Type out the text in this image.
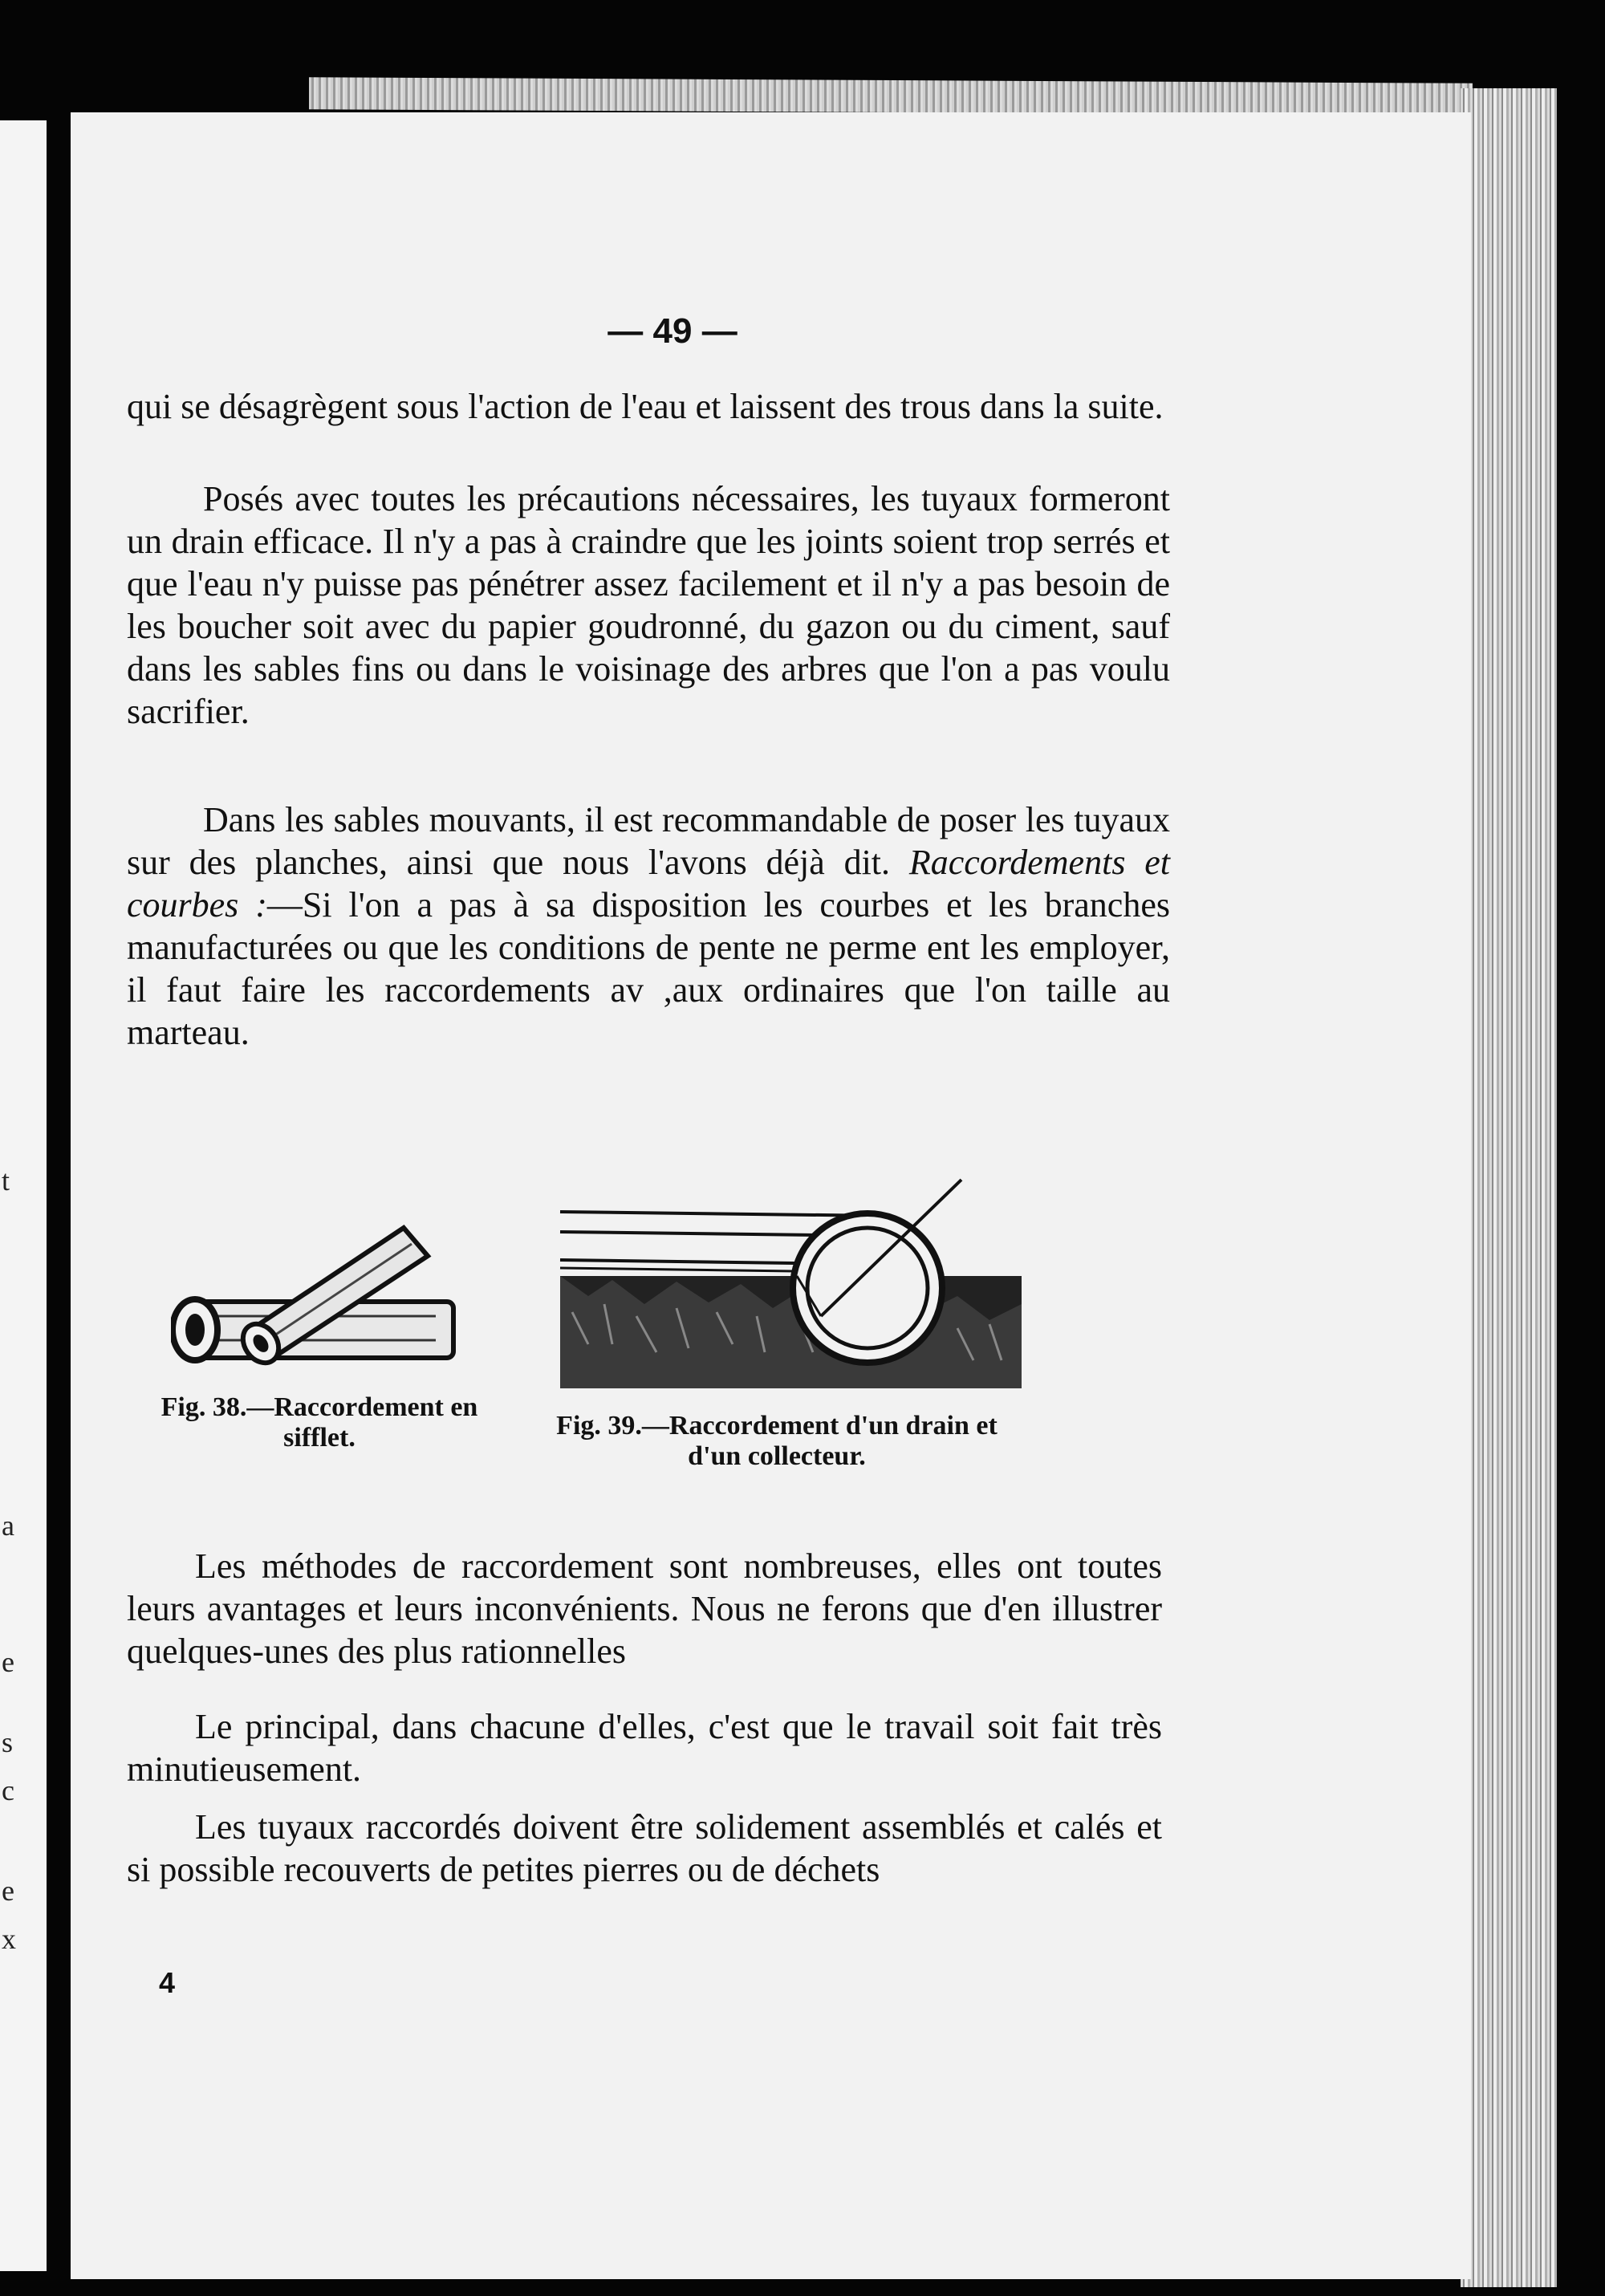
e
s
c
e
x
t
a
— 49 —

qui se désagrègent sous l'action de l'eau et laissent des trous dans la suite.

Posés avec toutes les précautions nécessaires, les tuyaux formeront un drain efficace. Il n'y a pas à craindre que les joints soient trop serrés et que l'eau n'y puisse pas pénétrer assez facilement et il n'y a pas besoin de les boucher soit avec du papier goudronné, du gazon ou du ciment, sauf dans les sables fins ou dans le voisinage des arbres que l'on a pas voulu sacrifier.

Dans les sables mouvants, il est recommandable de poser les tuyaux sur des planches, ainsi que nous l'avons déjà dit. Raccordements et courbes :—Si l'on a pas à sa disposition les courbes et les branches manufacturées ou que les conditions de pente ne perme ent les employer, il faut faire les raccordements av ,aux ordinaires que l'on taille au marteau.

Fig. 38.—Raccordement en sifflet.	Fig. 39.—Raccordement d'un drain et d'un collecteur.

Les méthodes de raccordement sont nombreuses, elles ont toutes leurs avantages et leurs inconvénients. Nous ne ferons que d'en illustrer quelques-unes des plus rationnelles

Le principal, dans chacune d'elles, c'est que le travail soit fait très minutieusement.

Les tuyaux raccordés doivent être solidement assemblés et calés et si possible recouverts de petites pierres ou de déchets

4
